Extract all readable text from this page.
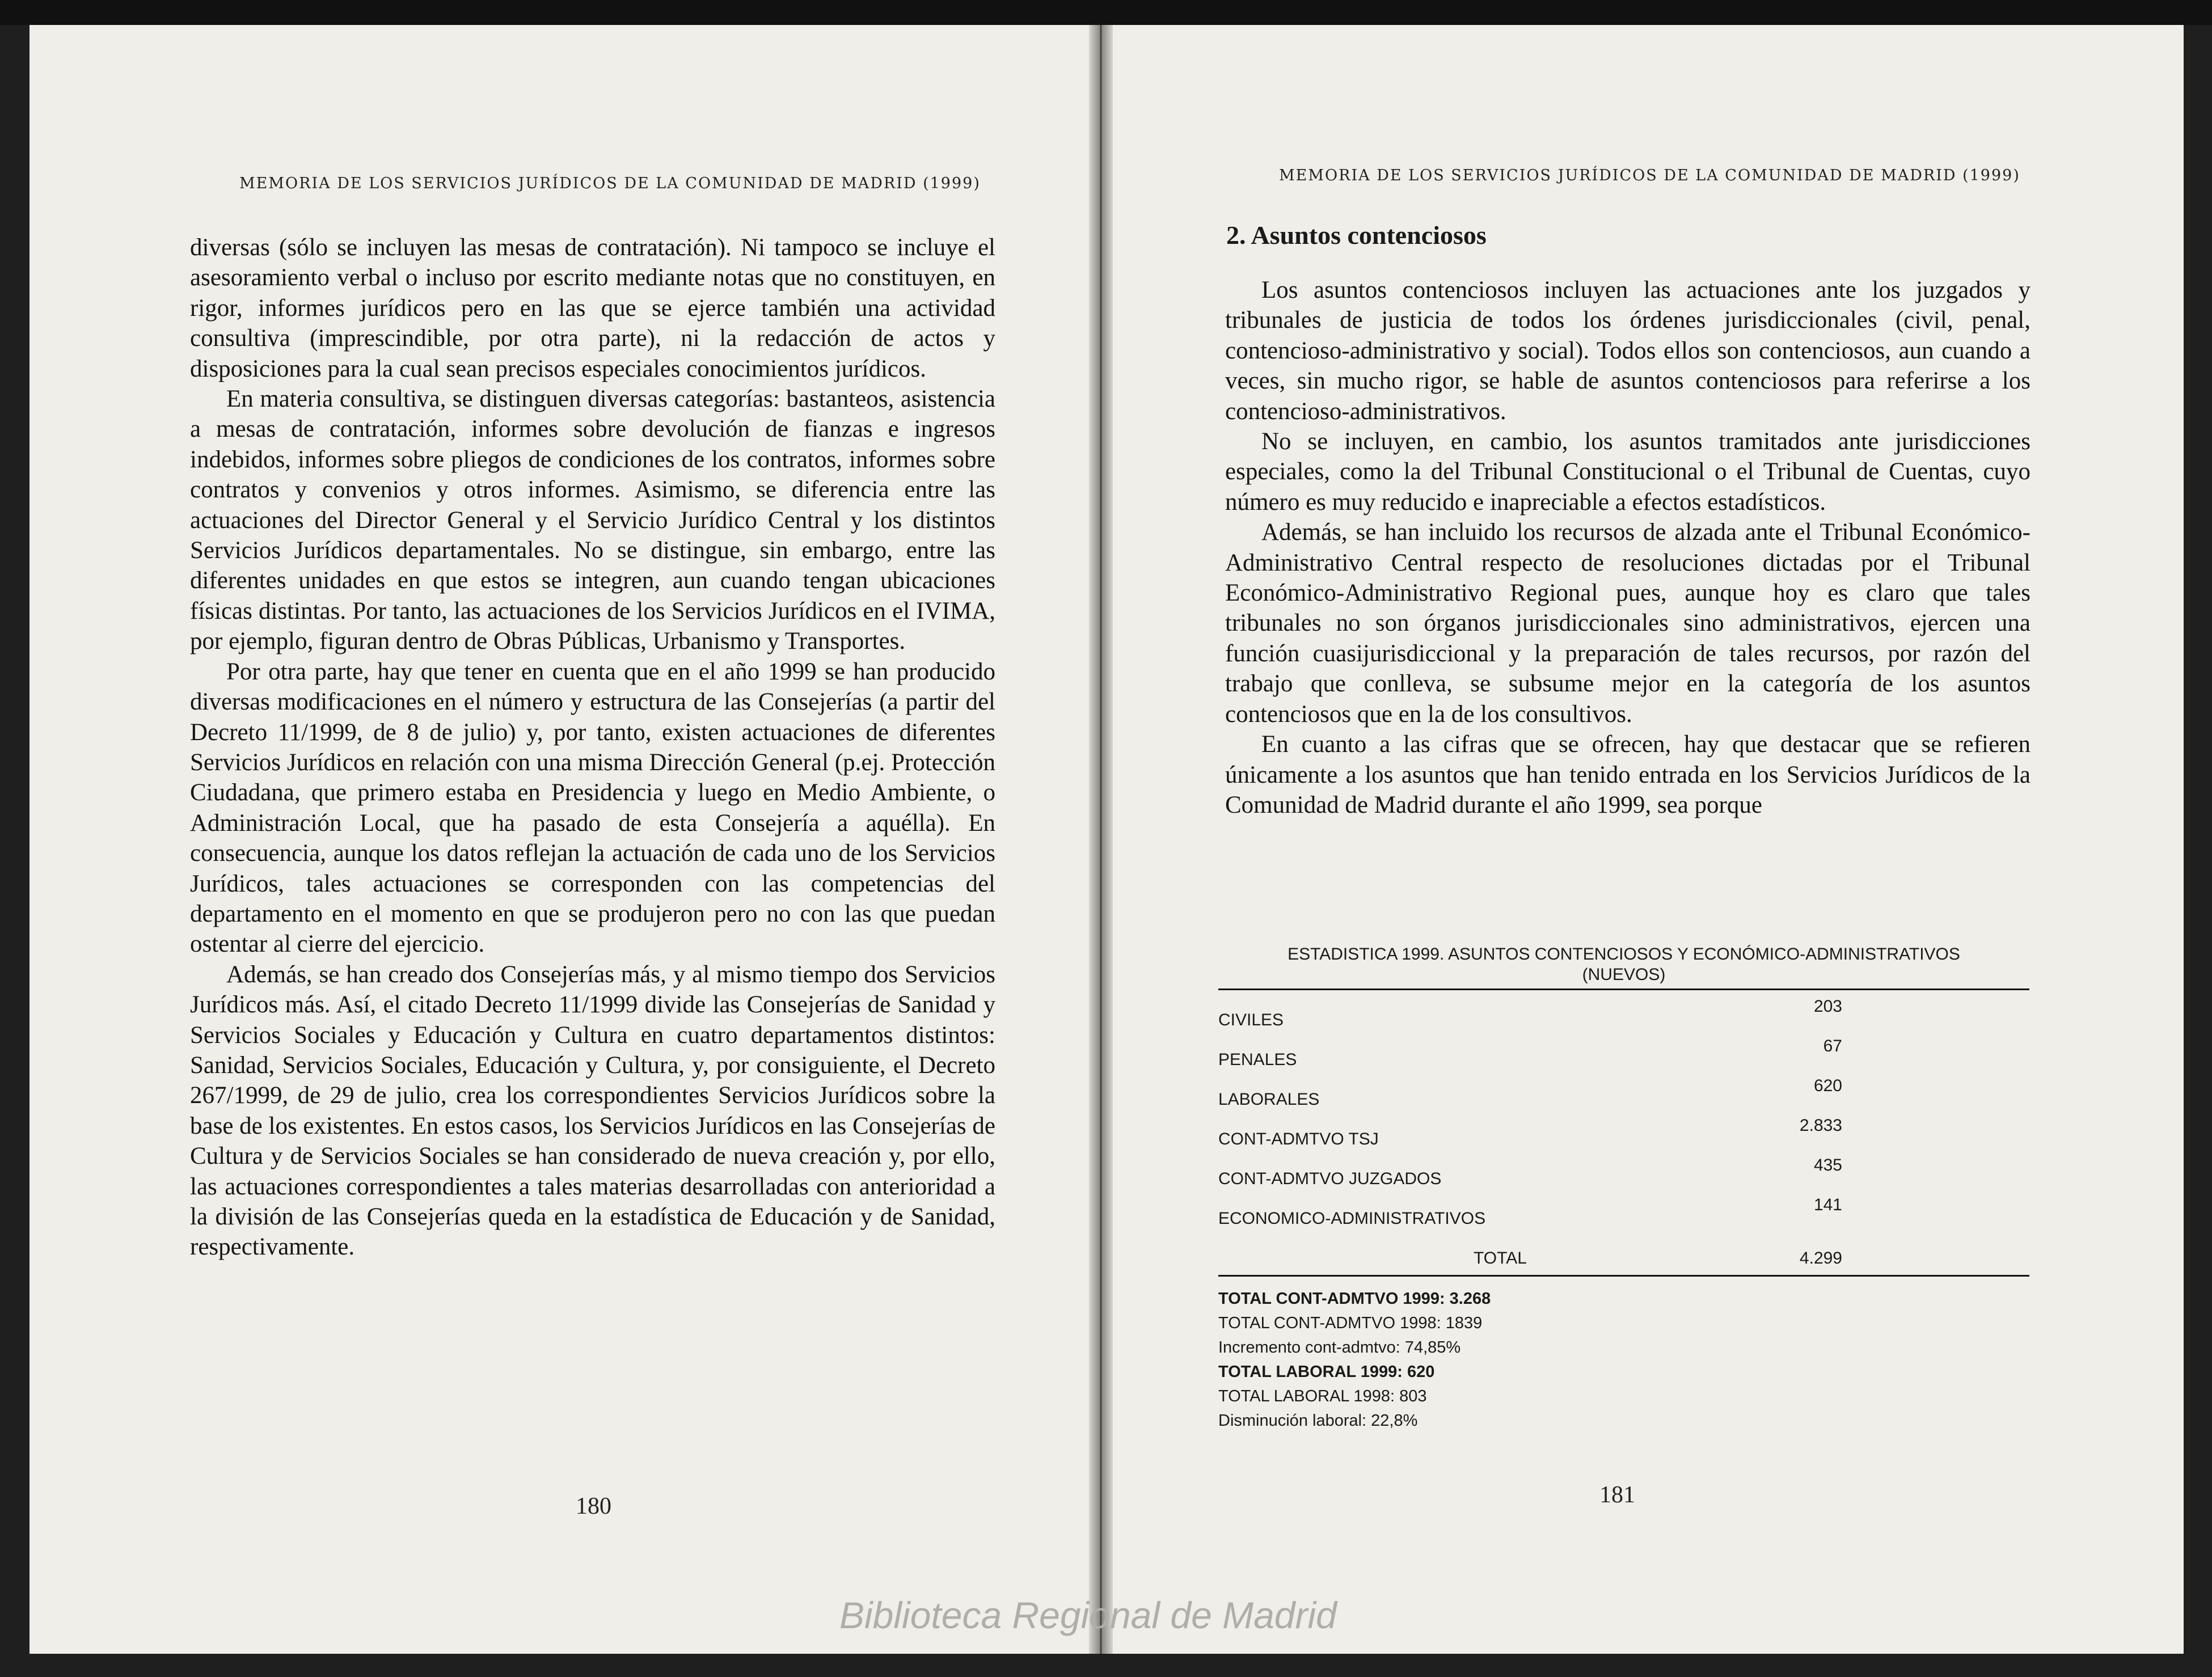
MEMORIA DE LOS SERVICIOS JURÍDICOS DE LA COMUNIDAD DE MADRID (1999)

diversas (sólo se incluyen las mesas de contratación). Ni tampoco se incluye el asesoramiento verbal o incluso por escrito mediante notas que no constituyen, en rigor, informes jurídicos pero en las que se ejerce también una actividad consultiva (imprescindible, por otra parte), ni la redacción de actos y disposiciones para la cual sean precisos especiales conocimientos jurídicos.

En materia consultiva, se distinguen diversas categorías: bastanteos, asistencia a mesas de contratación, informes sobre devolución de fianzas e ingresos indebidos, informes sobre pliegos de condiciones de los contratos, informes sobre contratos y convenios y otros informes. Asimismo, se diferencia entre las actuaciones del Director General y el Servicio Jurídico Central y los distintos Servicios Jurídicos departamentales. No se distingue, sin embargo, entre las diferentes unidades en que estos se integren, aun cuando tengan ubicaciones físicas distintas. Por tanto, las actuaciones de los Servicios Jurídicos en el IVIMA, por ejemplo, figuran dentro de Obras Públicas, Urbanismo y Transportes.

Por otra parte, hay que tener en cuenta que en el año 1999 se han producido diversas modificaciones en el número y estructura de las Consejerías (a partir del Decreto 11/1999, de 8 de julio) y, por tanto, existen actuaciones de diferentes Servicios Jurídicos en relación con una misma Dirección General (p.ej. Protección Ciudadana, que primero estaba en Presidencia y luego en Medio Ambiente, o Administración Local, que ha pasado de esta Consejería a aquélla). En consecuencia, aunque los datos reflejan la actuación de cada uno de los Servicios Jurídicos, tales actuaciones se corresponden con las competencias del departamento en el momento en que se produjeron pero no con las que puedan ostentar al cierre del ejercicio.

Además, se han creado dos Consejerías más, y al mismo tiempo dos Servicios Jurídicos más. Así, el citado Decreto 11/1999 divide las Consejerías de Sanidad y Servicios Sociales y Educación y Cultura en cuatro departamentos distintos: Sanidad, Servicios Sociales, Educación y Cultura, y, por consiguiente, el Decreto 267/1999, de 29 de julio, crea los correspondientes Servicios Jurídicos sobre la base de los existentes. En estos casos, los Servicios Jurídicos en las Consejerías de Cultura y de Servicios Sociales se han considerado de nueva creación y, por ello, las actuaciones correspondientes a tales materias desarrolladas con anterioridad a la división de las Consejerías queda en la estadística de Educación y de Sanidad, respectivamente.

180
MEMORIA DE LOS SERVICIOS JURÍDICOS DE LA COMUNIDAD DE MADRID (1999)
2. Asuntos contenciosos

Los asuntos contenciosos incluyen las actuaciones ante los juzgados y tribunales de justicia de todos los órdenes jurisdiccionales (civil, penal, contencioso-administrativo y social). Todos ellos son contenciosos, aun cuando a veces, sin mucho rigor, se hable de asuntos contenciosos para referirse a los contencioso-administrativos.

No se incluyen, en cambio, los asuntos tramitados ante jurisdicciones especiales, como la del Tribunal Constitucional o el Tribunal de Cuentas, cuyo número es muy reducido e inapreciable a efectos estadísticos.

Además, se han incluido los recursos de alzada ante el Tribunal Económico-Administrativo Central respecto de resoluciones dictadas por el Tribunal Económico-Administrativo Regional pues, aunque hoy es claro que tales tribunales no son órganos jurisdiccionales sino administrativos, ejercen una función cuasijurisdiccional y la preparación de tales recursos, por razón del trabajo que conlleva, se subsume mejor en la categoría de los asuntos contenciosos que en la de los consultivos.

En cuanto a las cifras que se ofrecen, hay que destacar que se refieren únicamente a los asuntos que han tenido entrada en los Servicios Jurídicos de la Comunidad de Madrid durante el año 1999, sea porque

ESTADISTICA 1999. ASUNTOS CONTENCIOSOS Y ECONÓMICO-ADMINISTRATIVOS
(NUEVOS)
CIVILES
203
PENALES
67
LABORALES
620
CONT-ADMTVO TSJ
2.833
CONT-ADMTVO JUZGADOS
435
ECONOMICO-ADMINISTRATIVOS
141
TOTAL	4.299
TOTAL CONT-ADMTVO 1999: 3.268
TOTAL CONT-ADMTVO 1998: 1839
Incremento cont-admtvo: 74,85%
TOTAL LABORAL 1999: 620
TOTAL LABORAL 1998: 803
Disminución laboral: 22,8%
181
Biblioteca Regional de Madrid
